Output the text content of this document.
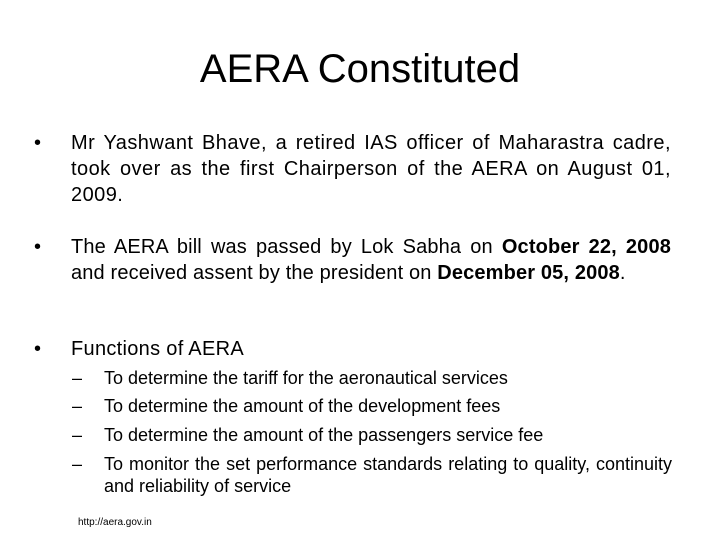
AERA Constituted
• Mr Yashwant Bhave, a retired IAS officer of Maharastra cadre, took over as the first Chairperson of the AERA on August 01, 2009.
• The AERA bill was passed by Lok Sabha on October 22, 2008 and received assent by the president on December 05, 2008.
• Functions of AERA
– To determine the tariff for the aeronautical services
– To determine the amount of the development fees
– To determine the amount of the passengers service fee
– To monitor the set performance standards relating to quality, continuity and reliability of service
http://aera.gov.in
